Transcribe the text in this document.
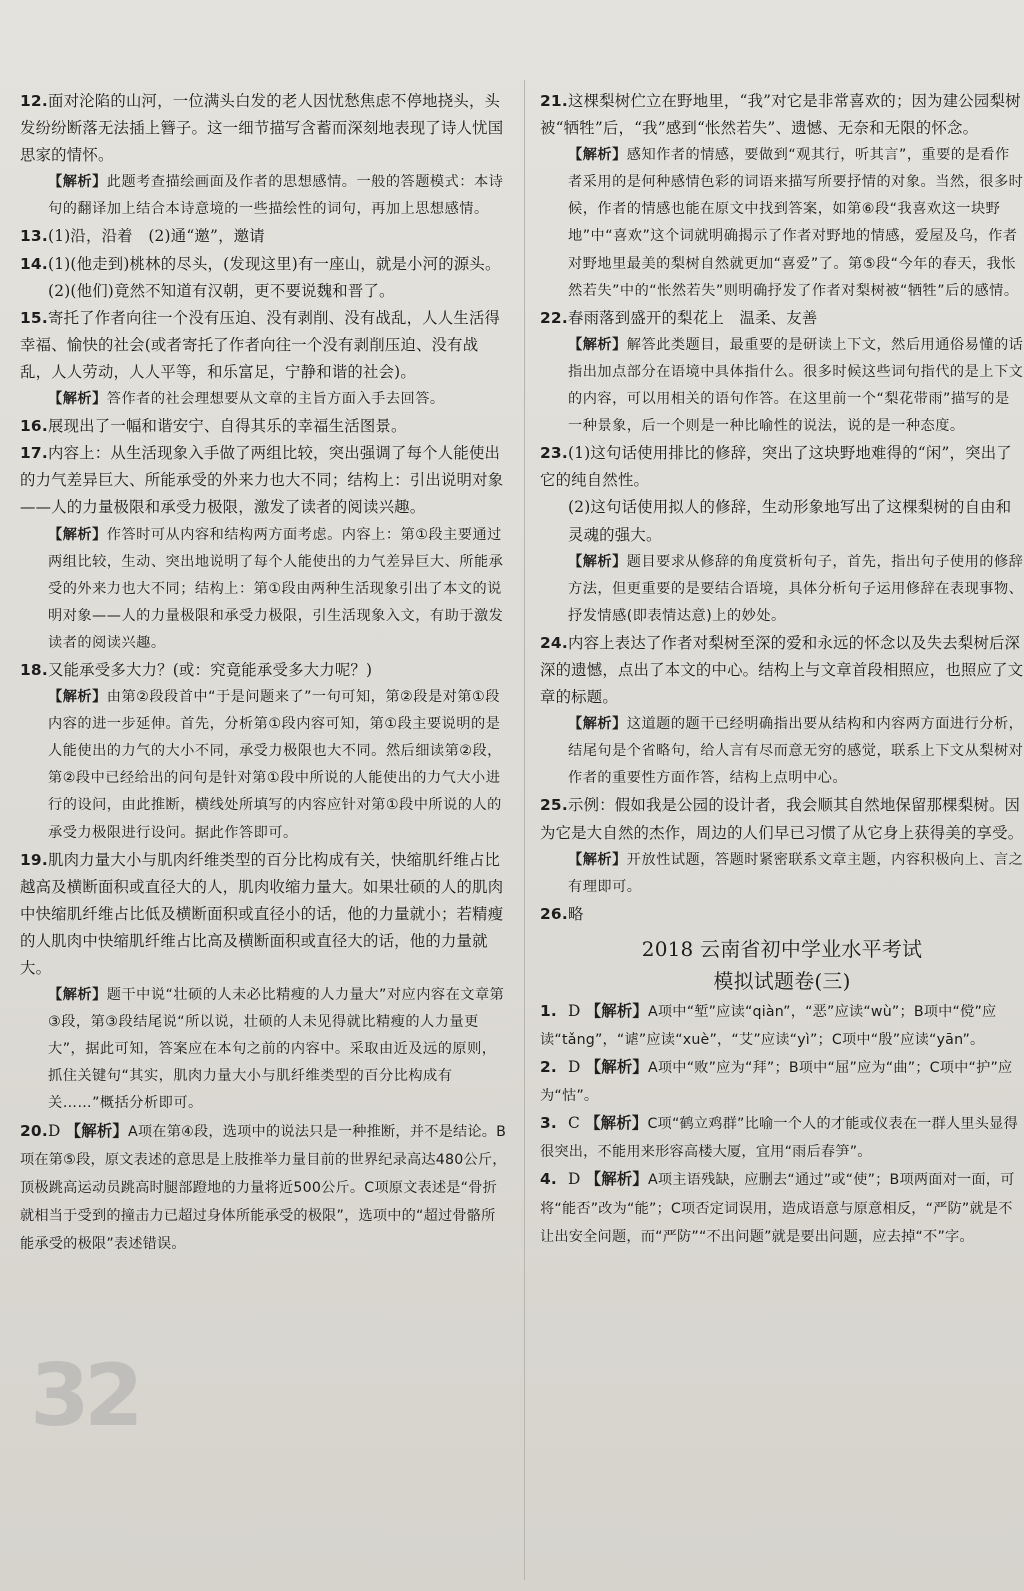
32
12.面对沦陷的山河，一位满头白发的老人因忧愁焦虑不停地挠头，头发纷纷断落无法插上簪子。这一细节描写含蓄而深刻地表现了诗人忧国思家的情怀。
【解析】此题考查描绘画面及作者的思想感情。一般的答题模式：本诗句的翻译加上结合本诗意境的一些描绘性的词句，再加上思想感情。
13.(1)沿，沿着　(2)通“邀”，邀请
14.(1)(他走到)桃林的尽头，(发现这里)有一座山，就是小河的源头。
(2)(他们)竟然不知道有汉朝，更不要说魏和晋了。
15.寄托了作者向往一个没有压迫、没有剥削、没有战乱，人人生活得幸福、愉快的社会(或者寄托了作者向往一个没有剥削压迫、没有战乱，人人劳动，人人平等，和乐富足，宁静和谐的社会)。
【解析】答作者的社会理想要从文章的主旨方面入手去回答。
16.展现出了一幅和谐安宁、自得其乐的幸福生活图景。
17.内容上：从生活现象入手做了两组比较，突出强调了每个人能使出的力气差异巨大、所能承受的外来力也大不同；结构上：引出说明对象——人的力量极限和承受力极限，激发了读者的阅读兴趣。
【解析】作答时可从内容和结构两方面考虑。内容上：第①段主要通过两组比较，生动、突出地说明了每个人能使出的力气差异巨大、所能承受的外来力也大不同；结构上：第①段由两种生活现象引出了本文的说明对象——人的力量极限和承受力极限，引生活现象入文，有助于激发读者的阅读兴趣。
18.又能承受多大力？(或：究竟能承受多大力呢？)
【解析】由第②段段首中“于是问题来了”一句可知，第②段是对第①段内容的进一步延伸。首先，分析第①段内容可知，第①段主要说明的是人能使出的力气的大小不同，承受力极限也大不同。然后细读第②段，第②段中已经给出的问句是针对第①段中所说的人能使出的力气大小进行的设问，由此推断，横线处所填写的内容应针对第①段中所说的人的承受力极限进行设问。据此作答即可。
19.肌肉力量大小与肌肉纤维类型的百分比构成有关，快缩肌纤维占比越高及横断面积或直径大的人，肌肉收缩力量大。如果壮硕的人的肌肉中快缩肌纤维占比低及横断面积或直径小的话，他的力量就小；若精瘦的人肌肉中快缩肌纤维占比高及横断面积或直径大的话，他的力量就大。
【解析】题干中说“壮硕的人未必比精瘦的人力量大”对应内容在文章第③段，第③段结尾说“所以说，壮硕的人未见得就比精瘦的人力量更大”，据此可知，答案应在本句之前的内容中。采取由近及远的原则，抓住关键句“其实，肌肉力量大小与肌纤维类型的百分比构成有关……”概括分析即可。
20.D 【解析】A项在第④段，选项中的说法只是一种推断，并不是结论。B项在第⑤段，原文表述的意思是上肢推举力量目前的世界纪录高达480公斤，顶极跳高运动员跳高时腿部蹬地的力量将近500公斤。C项原文表述是“骨折就相当于受到的撞击力已超过身体所能承受的极限”，选项中的“超过骨骼所能承受的极限”表述错误。
21.这棵梨树伫立在野地里，“我”对它是非常喜欢的；因为建公园梨树被“牺牲”后，“我”感到“怅然若失”、遗憾、无奈和无限的怀念。
【解析】感知作者的情感，要做到“观其行，听其言”，重要的是看作者采用的是何种感情色彩的词语来描写所要抒情的对象。当然，很多时候，作者的情感也能在原文中找到答案，如第⑥段“我喜欢这一块野地”中“喜欢”这个词就明确揭示了作者对野地的情感，爱屋及乌，作者对野地里最美的梨树自然就更加“喜爱”了。第⑤段“今年的春天，我怅然若失”中的“怅然若失”则明确抒发了作者对梨树被“牺牲”后的感情。
22.春雨落到盛开的梨花上　温柔、友善
【解析】解答此类题目，最重要的是研读上下文，然后用通俗易懂的话指出加点部分在语境中具体指什么。很多时候这些词句指代的是上下文的内容，可以用相关的语句作答。在这里前一个“梨花带雨”描写的是一种景象，后一个则是一种比喻性的说法，说的是一种态度。
23.(1)这句话使用排比的修辞，突出了这块野地难得的“闲”，突出了它的纯自然性。
(2)这句话使用拟人的修辞，生动形象地写出了这棵梨树的自由和灵魂的强大。
【解析】题目要求从修辞的角度赏析句子，首先，指出句子使用的修辞方法，但更重要的是要结合语境，具体分析句子运用修辞在表现事物、抒发情感(即表情达意)上的妙处。
24.内容上表达了作者对梨树至深的爱和永远的怀念以及失去梨树后深深的遗憾，点出了本文的中心。结构上与文章首段相照应，也照应了文章的标题。
【解析】这道题的题干已经明确指出要从结构和内容两方面进行分析，结尾句是个省略句，给人言有尽而意无穷的感觉，联系上下文从梨树对作者的重要性方面作答，结构上点明中心。
25.示例：假如我是公园的设计者，我会顺其自然地保留那棵梨树。因为它是大自然的杰作，周边的人们早已习惯了从它身上获得美的享受。
【解析】开放性试题，答题时紧密联系文章主题，内容积极向上、言之有理即可。
26.略
2018 云南省初中学业水平考试
模拟试题卷(三)
1. D 【解析】A项中“堑”应读“qiàn”，“恶”应读“wù”；B项中“傥”应读“tǎng”，“谑”应读“xuè”，“艾”应读“yì”；C项中“殷”应读“yān”。
2. D 【解析】A项中“败”应为“拜”；B项中“屈”应为“曲”；C项中“护”应为“怙”。
3. C 【解析】C项“鹤立鸡群”比喻一个人的才能或仪表在一群人里头显得很突出，不能用来形容高楼大厦，宜用“雨后春笋”。
4. D 【解析】A项主语残缺，应删去“通过”或“使”；B项两面对一面，可将“能否”改为“能”；C项否定词误用，造成语意与原意相反，“严防”就是不让出安全问题，而“严防”“不出问题”就是要出问题，应去掉“不”字。
